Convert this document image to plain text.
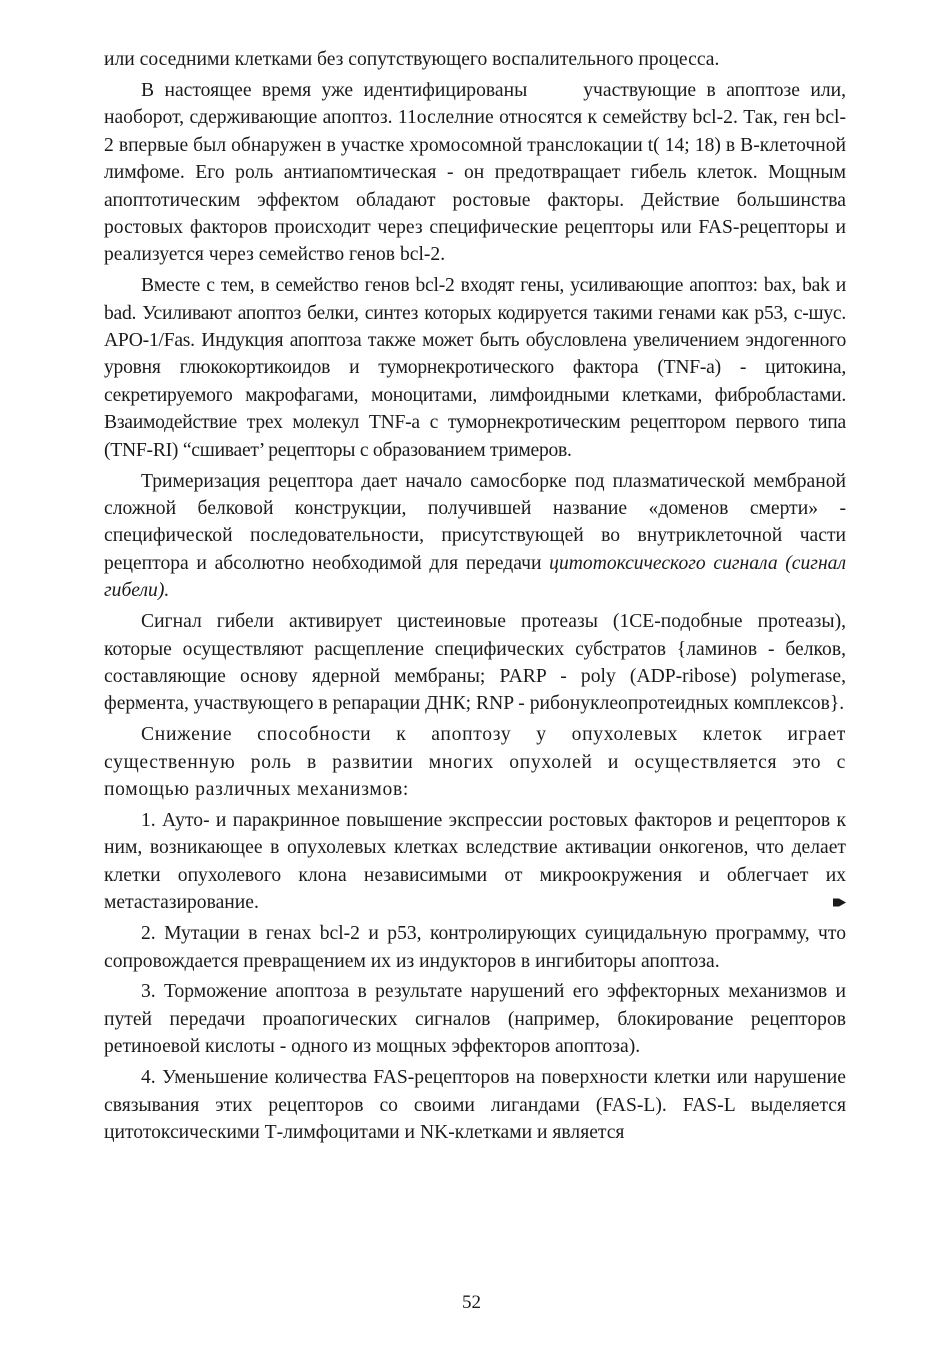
или соседними клетками без сопутствующего воспалительного процесса.

В настоящее время уже идентифицированы	участвующие в апоптозе или, наоборот, сдерживающие апоптоз. 11ослелние относятся к семейству bcl-2. Так, ген bcl-2 впервые был обнаружен в участке хромосомной транслокации t( 14; 18) в В-клеточной лимфоме. Его роль антиапомтическая - он предотвращает гибель клеток. Мощным апоптотическим эффектом обладают ростовые факторы. Действие большинства ростовых факторов происходит через специфические рецепторы или FAS-рецепторы и реализуется через семейство генов bcl-2.

Вместе с тем, в семейство генов bcl-2 входят гены, усиливающие апоптоз: bax, bak и bad. Усиливают апоптоз белки, синтез которых кодируется такими генами как р53, с-шус. АРО-1/Fas. Индукция апоптоза также может быть обусловлена увеличением эндогенного уровня глюкокортикоидов и туморнекротического фактора (TNF-a) - цитокина, секретируемого макрофагами, моноцитами, лимфоидными клетками, фибробластами. Взаимодействие трех молекул TNF-a с туморнекротическим рецептором первого типа (TNF-RI) “сшивает’ рецепторы с образованием тримеров.

Тримеризация рецептора дает начало самосборке под плазматической мембраной сложной белковой конструкции, получившей название «доменов смерти» - специфической последовательности, присутствующей во внутриклеточной части рецептора и абсолютно необходимой для передачи цитотоксического сигнала (сигнал гибели).

Сигнал гибели активирует цистеиновые протеазы (1СЕ-подобные протеазы), которые осуществляют расщепление специфических субстратов {ламинов - белков, составляющие основу ядерной мембраны; PARP - poly (ADP-ribose) polymerase, фермента, участвующего в репарации ДНК; RNP - рибонуклеопротеидных комплексов}.

Снижение способности к апоптозу у опухолевых клеток играет существенную роль в развитии многих опухолей и осуществляется это с помощью различных механизмов:

1. Ауто- и паракринное повышение экспрессии ростовых факторов и рецепторов к ним, возникающее в опухолевых клетках вследствие активации онкогенов, что делает клетки опухолевого клона независимыми от микроокружения и облегчает их метастазирование.

2. Мутации в генах bcl-2 и р53, контролирующих суицидальную программу, что сопровождается превращением их из индукторов в ингибиторы апоптоза.

3. Торможение апоптоза в результате нарушений его эффекторных механизмов и путей передачи проапогических сигналов (например, блокирование рецепторов ретиноевой кислоты - одного из мощных эффекторов апоптоза).

4. Уменьшение количества FAS-рецепторов на поверхности клетки или нарушение связывания этих рецепторов со своими лигандами (FAS-L). FAS-L выделяется цитотоксическими Т-лимфоцитами и NK-клетками и является

52
